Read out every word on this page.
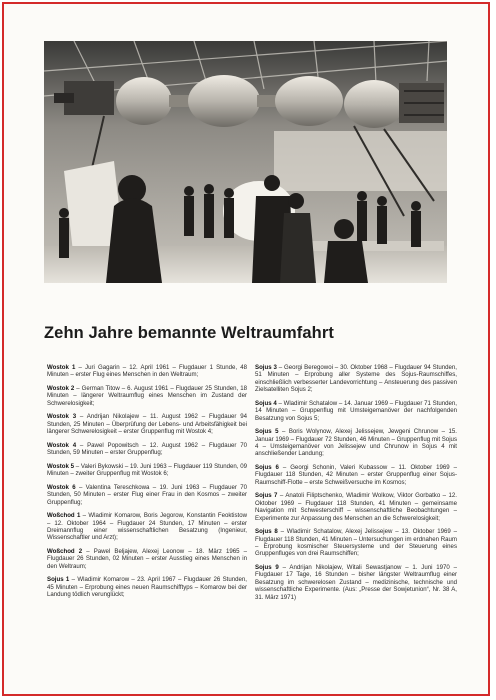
Zehn Jahre bemannte Weltraumfahrt

Wostok 1 – Juri Gagarin – 12. April 1961 – Flugdauer 1 Stunde, 48 Minuten – erster Flug eines Menschen in den Weltraum;

Wostok 2 – German Titow – 6. August 1961 – Flugdauer 25 Stunden, 18 Minuten – längerer Weltraumflug eines Menschen im Zustand der Schwerelosigkeit;

Wostok 3 – Andrijan Nikolajew – 11. August 1962 – Flugdauer 94 Stunden, 25 Minuten – Überprüfung der Lebens- und Arbeitsfähigkeit bei längerer Schwerelosigkeit – erster Gruppenflug mit Wostok 4;

Wostok 4 – Pawel Popowitsch – 12. August 1962 – Flugdauer 70 Stunden, 59 Minuten – erster Gruppenflug;

Wostok 5 – Valeri Bykowski – 19. Juni 1963 – Flugdauer 119 Stunden, 09 Minuten – zweiter Gruppenflug mit Wostok 6;

Wostok 6 – Valentina Tereschkowa – 19. Juni 1963 – Flugdauer 70 Stunden, 50 Minuten – erster Flug einer Frau in den Kosmos – zweiter Gruppenflug;

Woßchod 1 – Wladimir Komarow, Boris Jegorow, Konstantin Feoktistow – 12. Oktober 1964 – Flugdauer 24 Stunden, 17 Minuten – erster Dreimannflug einer wissenschaftlichen Besatzung (Ingenieur, Wissenschaftler und Arzt);

Woßchod 2 – Pawel Beljajew, Alexej Leonow – 18. März 1965 – Flugdauer 26 Stunden, 02 Minuten – erster Ausstieg eines Menschen in den Weltraum;

Sojus 1 – Wladimir Komarow – 23. April 1967 – Flugdauer 26 Stunden, 45 Minuten – Erprobung eines neuen Raumschifftyps – Komarow bei der Landung tödlich verunglückt;

Sojus 3 – Georgi Beregowoi – 30. Oktober 1968 – Flugdauer 94 Stunden, 51 Minuten – Erprobung aller Systeme des Sojus-Raumschiffes, einschließlich verbesserter Landevorrichtung – Ansteuerung des passiven Zielsatelliten Sojus 2;

Sojus 4 – Wladimir Schatalow – 14. Januar 1969 – Flugdauer 71 Stunden, 14 Minuten – Gruppenflug mit Umsteigemanöver der nachfolgenden Besatzung von Sojus 5;

Sojus 5 – Boris Wolynow, Alexej Jelissejew, Jewgeni Chrunow – 15. Januar 1969 – Flugdauer 72 Stunden, 46 Minuten – Gruppenflug mit Sojus 4 – Umsteigemanöver von Jelissejew und Chrunow in Sojus 4 mit anschließender Landung;

Sojus 6 – Georgi Schonin, Valeri Kubassow – 11. Oktober 1969 – Flugdauer 118 Stunden, 42 Minuten – erster Gruppenflug einer Sojus-Raumschiff-Flotte – erste Schweißversuche im Kosmos;

Sojus 7 – Anatoli Filiptschenko, Wladimir Wolkow, Viktor Gorbatko – 12. Oktober 1969 – Flugdauer 118 Stunden, 41 Minuten – gemeinsame Navigation mit Schwesterschiff – wissenschaftliche Beobachtungen – Experimente zur Anpassung des Menschen an die Schwerelosigkeit;

Sojus 8 – Wladimir Schatalow, Alexej Jelissejew – 13. Oktober 1969 – Flugdauer 118 Stunden, 41 Minuten – Untersuchungen im erdnahen Raum – Erprobung kosmischer Steuersysteme und der Steuerung eines Gruppenfluges von drei Raumschiffen;

Sojus 9 – Andrijan Nikolajew, Witali Sewastjanow – 1. Juni 1970 – Flugdauer 17 Tage, 16 Stunden – bisher längster Weltraumflug einer Besatzung im schwerelosen Zustand – medizinische, technische und wissenschaftliche Experimente. (Aus: „Presse der Sowjetunion“, Nr. 38 A, 31. März 1971)
